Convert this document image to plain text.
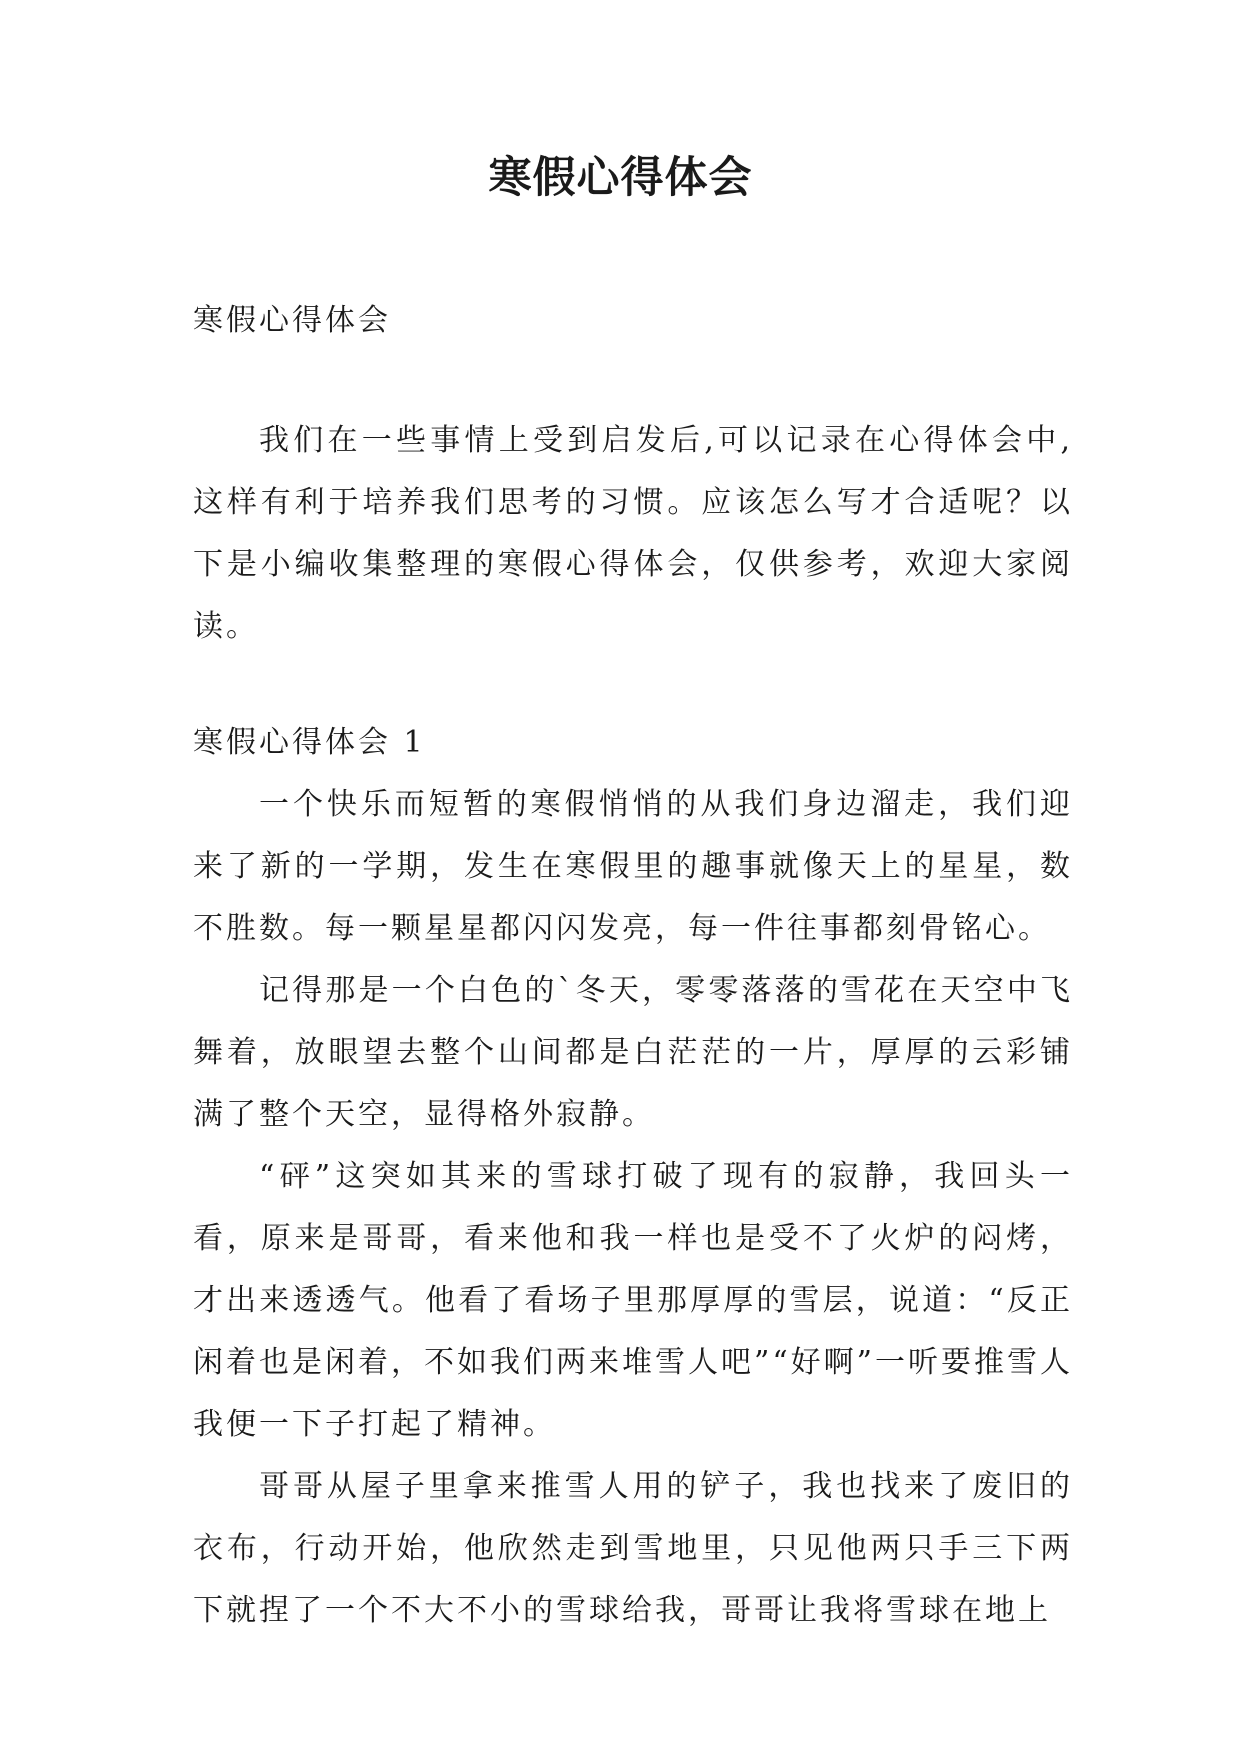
寒假心得体会

寒假心得体会

我们在一些事情上受到启发后,可以记录在心得体会中,这样有利于培养我们思考的习惯。应该怎么写才合适呢？以下是小编收集整理的寒假心得体会，仅供参考，欢迎大家阅读。

寒假心得体会 1

一个快乐而短暂的寒假悄悄的从我们身边溜走，我们迎来了新的一学期，发生在寒假里的趣事就像天上的星星，数不胜数。每一颗星星都闪闪发亮，每一件往事都刻骨铭心。

记得那是一个白色的`冬天，零零落落的雪花在天空中飞舞着，放眼望去整个山间都是白茫茫的一片，厚厚的云彩铺满了整个天空，显得格外寂静。

“砰”这突如其来的雪球打破了现有的寂静，我回头一看，原来是哥哥，看来他和我一样也是受不了火炉的闷烤，才出来透透气。他看了看场子里那厚厚的雪层，说道：“反正闲着也是闲着，不如我们两来堆雪人吧”“好啊”一听要推雪人我便一下子打起了精神。

哥哥从屋子里拿来推雪人用的铲子，我也找来了废旧的衣布，行动开始，他欣然走到雪地里，只见他两只手三下两下就捏了一个不大不小的雪球给我，哥哥让我将雪球在地上
